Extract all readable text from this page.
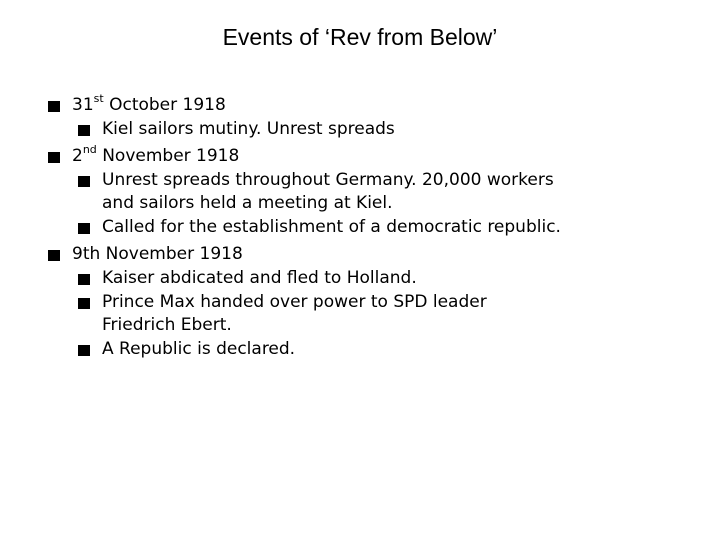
Events of ‘Rev from Below’
31st October 1918
Kiel sailors mutiny. Unrest spreads
2nd November 1918
Unrest spreads throughout Germany. 20,000 workers
and sailors held a meeting at Kiel.
Called for the establishment of a democratic republic.
9th November 1918
Kaiser abdicated and fled to Holland.
Prince Max handed over power to SPD leader
Friedrich Ebert.
A Republic is declared.
